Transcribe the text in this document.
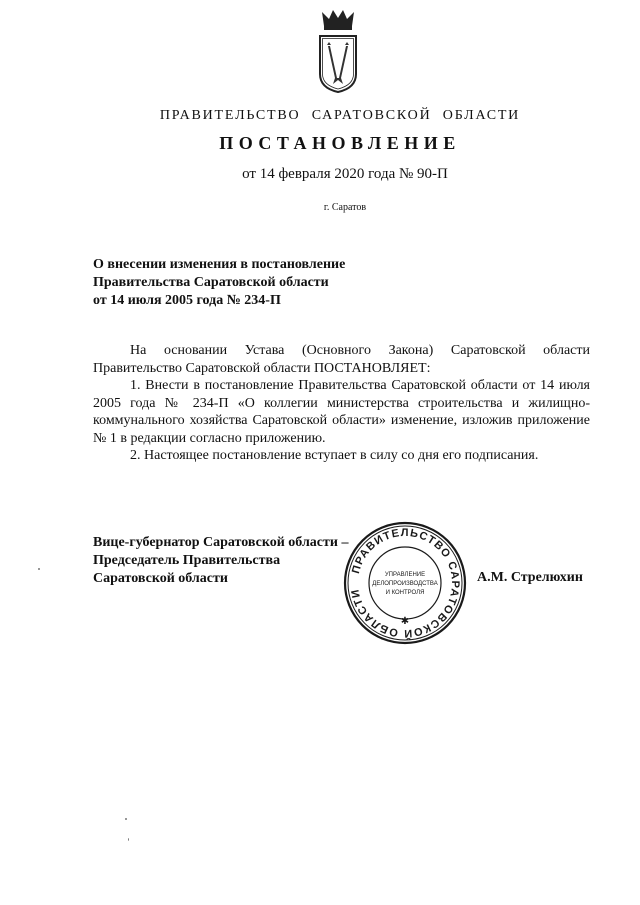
ПРАВИТЕЛЬСТВО САРАТОВСКОЙ ОБЛАСТИ
ПОСТАНОВЛЕНИЕ
от 14 февраля 2020 года № 90-П
г. Саратов
О внесении изменения в постановление
Правительства Саратовской области
от 14 июля 2005 года № 234-П

На основании Устава (Основного Закона) Саратовской области Правительство Саратовской области ПОСТАНОВЛЯЕТ:

1. Внести в постановление Правительства Саратовской области от 14 июля 2005 года № 234-П «О коллегии министерства строительства и жилищно-коммунального хозяйства Саратовской области» изменение, изложив приложение № 1 в редакции согласно приложению.

2. Настоящее постановление вступает в силу со дня его подписания.

Вице-губернатор Саратовской области –
Председатель Правительства
Саратовской области	А.М. Стрелюхин
ПРАВИТЕЛЬСТВО САРАТОВСКОЙ ОБЛАСТИ
✱
УПРАВЛЕНИЕ
ДЕЛОПРОИЗВОДСТВА
И КОНТРОЛЯ
